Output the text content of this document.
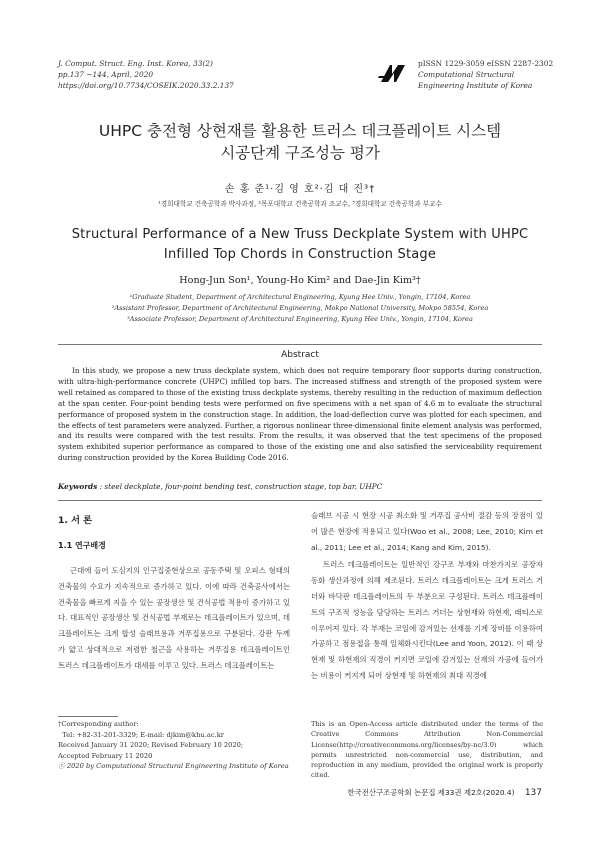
J. Comput. Struct. Eng. Inst. Korea, 33(2)
pp.137 ~144, April, 2020
https://doi.org/10.7734/COSEIK.2020.33.2.137
pISSN 1229-3059 eISSN 2287-2302
Computational Structural
Engineering Institute of Korea
UHPC 충전형 상현재를 활용한 트러스 데크플레이트 시스템
시공단계 구조성능 평가
손 홍 준¹·김 영 호²·김 대 진³†
¹경희대학교 건축공학과 박사과정, ²목포대학교 건축공학과 조교수, ³경희대학교 건축공학과 부교수
Structural Performance of a New Truss Deckplate System with UHPC
Infilled Top Chords in Construction Stage
Hong-Jun Son¹, Young-Ho Kim² and Dae-Jin Kim³†
¹Graduate Student, Department of Architectural Engineering, Kyung Hee Univ., Yongin, 17104, Korea
²Assistant Professor, Department of Architectural Engineering, Mokpo National University, Mokpo 58554, Korea
³Associate Professor, Department of Architectural Engineering, Kyung Hee Univ., Yongin, 17104, Korea
Abstract

In this study, we propose a new truss deckplate system, which does not require temporary floor supports during construction, with ultra-high-performance concrete (UHPC) infilled top bars. The increased stiffness and strength of the proposed system were well retained as compared to those of the existing truss deckplate systems, thereby resulting in the reduction of maximum deflection at the span center. Four-point bending tests were performed on five specimens with a net span of 4.6 m to evaluate the structural performance of proposed system in the construction stage. In addition, the load-deflection curve was plotted for each specimen, and the effects of test parameters were analyzed. Further, a rigorous nonlinear three-dimensional finite element analysis was performed, and its results were compared with the test results. From the results, it was observed that the test specimens of the proposed system exhibited superior performance as compared to those of the existing one and also satisfied the serviceability requirement during construction provided by the Korea Building Code 2016.

Keywords : steel deckplate, four-point bending test, construction stage, top bar, UHPC
1. 서 론
1.1 연구배경

근대에 들어 도심지의 인구집중현상으로 공동주택 및 오피스 형태의 건축물의 수요가 지속적으로 증가하고 있다. 이에 따라 건축공사에서는 건축물을 빠르게 지을 수 있는 공장생산 및 건식공법 적용이 증가하고 있다. 대표적인 공장생산 및 건식공법 부재로는 데크플레이트가 있으며, 데크플레이트는 크게 합성 슬래브용과 거푸집용으로 구분된다. 강판 두께가 얇고 상대적으로 저렴한 철근을 사용하는 거푸집용 데크플레이트인 트러스 데크플레이트가 대세를 이루고 있다. 트러스 데크플레이트는

슬래브 시공 시 현장 시공 최소화 및 거푸집 공사비 절감 등의 장점이 있어 많은 현장에 적용되고 있다(Woo et al., 2008; Lee, 2010; Kim et al., 2011; Lee et al., 2014; Kang and Kim, 2015).

트러스 데크플레이트는 일반적인 강구조 부재와 마찬가지로 공장자동화 생산과정에 의해 제조된다. 트러스 데크플레이트는 크게 트러스 거더와 바닥판 데크플레이트의 두 부분으로 구성된다. 트러스 데크플레이트의 구조적 성능을 담당하는 트러스 거더는 상현재와 하현재, 래티스로 이루어져 있다. 각 부재는 코일에 감겨있는 선재를 기계 장비를 이용하여 가공하고 점용접을 통해 일체화시킨다(Lee and Yoon, 2012). 이 때 상현재 및 하현재의 직경이 커지면 코일에 감겨있는 선재의 가공에 들어가는 비용이 커지게 되어 상현재 및 하현재의 최대 직경에

†Corresponding author:
Tel: +82-31-201-3329; E-mail: djkim@khu.ac.kr
Received January 31 2020; Revised February 10 2020;
Accepted February 11 2020
ⓒ 2020 by Computational Structural Engineering Institute of Korea

This is an Open-Access article distributed under the terms of the Creative Commons Attribution Non-Commercial License(http://creativecommons.org/licenses/by-nc/3.0) which permits unrestricted non-commercial use, distribution, and reproduction in any medium, provided the original work is properly cited.

한국전산구조공학회 논문집 제33권 제2호(2020.4) 137
